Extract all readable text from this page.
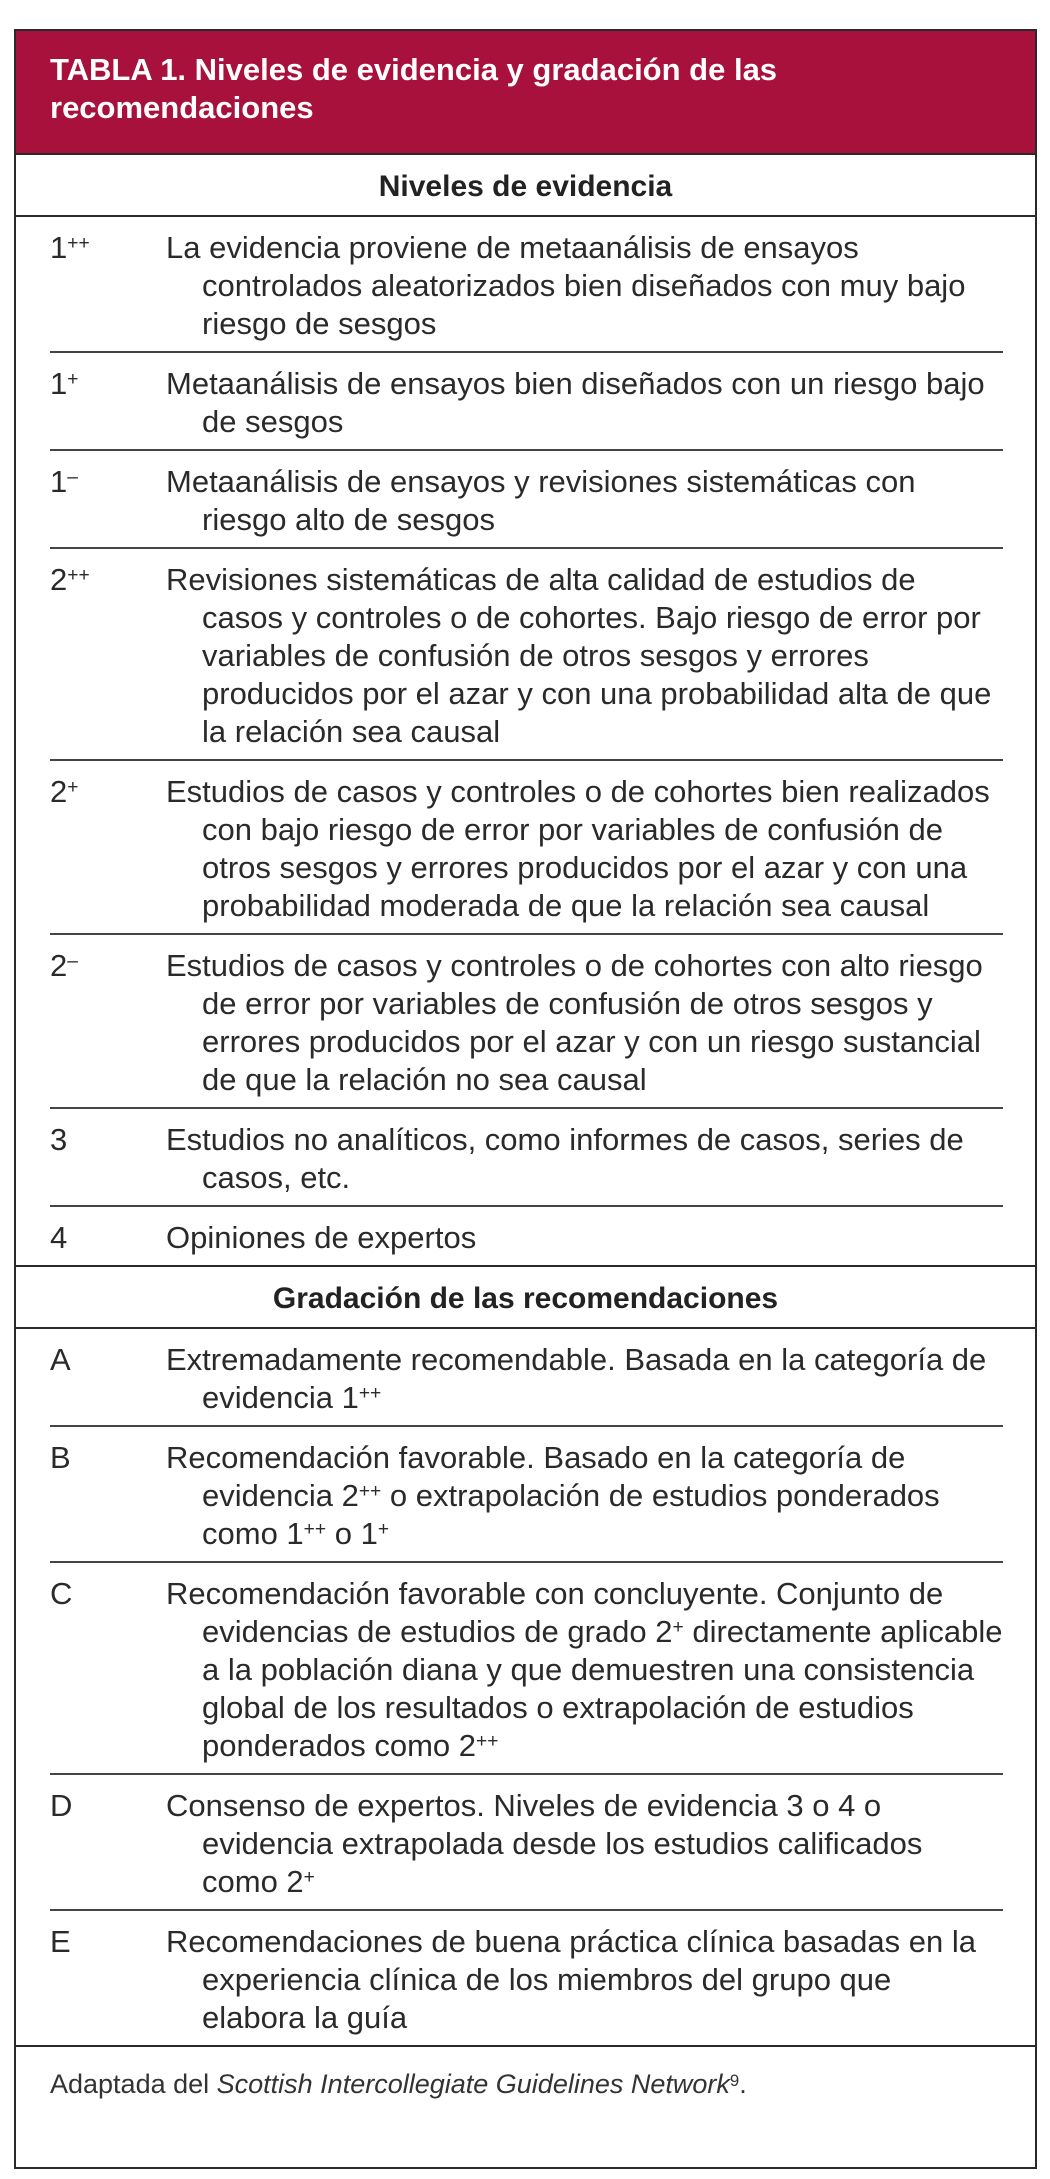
TABLA 1. Niveles de evidencia y gradación de las recomendaciones
Niveles de evidencia
1++	La evidencia proviene de metaanálisis de ensayos controlados aleatorizados bien diseñados con muy bajo riesgo de sesgos
1+	Metaanálisis de ensayos bien diseñados con un riesgo bajo de sesgos
1–	Metaanálisis de ensayos y revisiones sistemáticas con riesgo alto de sesgos
2++	Revisiones sistemáticas de alta calidad de estudios de casos y controles o de cohortes. Bajo riesgo de error por variables de confusión de otros sesgos y errores producidos por el azar y con una probabilidad alta de que la relación sea causal
2+	Estudios de casos y controles o de cohortes bien realizados con bajo riesgo de error por variables de confusión de otros sesgos y errores producidos por el azar y con una probabilidad moderada de que la relación sea causal
2–	Estudios de casos y controles o de cohortes con alto riesgo de error por variables de confusión de otros sesgos y errores producidos por el azar y con un riesgo sustancial de que la relación no sea causal
3	Estudios no analíticos, como informes de casos, series de casos, etc.
4	Opiniones de expertos
Gradación de las recomendaciones
A	Extremadamente recomendable. Basada en la categoría de evidencia 1++
B	Recomendación favorable. Basado en la categoría de evidencia 2++ o extrapolación de estudios ponderados como 1++ o 1+
C	Recomendación favorable con concluyente. Conjunto de evidencias de estudios de grado 2+ directamente aplicable a la población diana y que demuestren una consistencia global de los resultados o extrapolación de estudios ponderados como 2++
D	Consenso de expertos. Niveles de evidencia 3 o 4 o evidencia extrapolada desde los estudios calificados como 2+
E	Recomendaciones de buena práctica clínica basadas en la experiencia clínica de los miembros del grupo que elabora la guía
Adaptada del Scottish Intercollegiate Guidelines Network$^9$.
